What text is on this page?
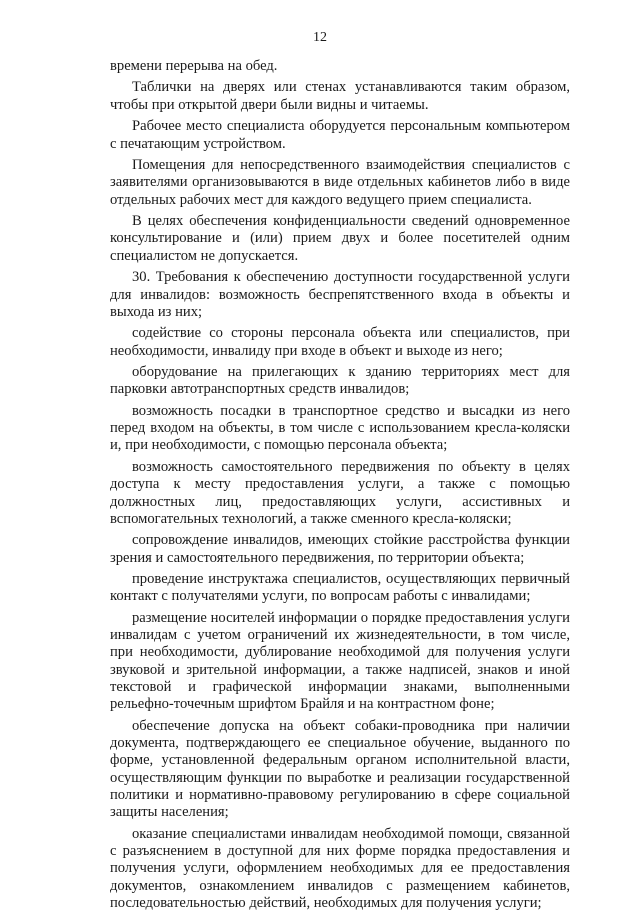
12

времени перерыва на обед.

Таблички на дверях или стенах устанавливаются таким образом, чтобы при открытой двери были видны и читаемы.

Рабочее место специалиста оборудуется персональным компьютером с печатающим устройством.

Помещения для непосредственного взаимодействия специалистов с заявителями организовываются в виде отдельных кабинетов либо в виде отдельных рабочих мест для каждого ведущего прием специалиста.

В целях обеспечения конфиденциальности сведений одновременное консультирование и (или) прием двух и более посетителей одним специалистом не допускается.

30. Требования к обеспечению доступности государственной услуги для инвалидов: возможность беспрепятственного входа в объекты и выхода из них;

содействие со стороны персонала объекта или специалистов, при необходимости, инвалиду при входе в объект и выходе из него;

оборудование на прилегающих к зданию территориях мест для парковки автотранспортных средств инвалидов;

возможность посадки в транспортное средство и высадки из него перед входом на объекты, в том числе с использованием кресла-коляски и, при необходимости, с помощью персонала объекта;

возможность самостоятельного передвижения по объекту в целях доступа к месту предоставления услуги, а также с помощью должностных лиц, предоставляющих услуги, ассистивных и вспомогательных технологий, а также сменного кресла-коляски;

сопровождение инвалидов, имеющих стойкие расстройства функции зрения и самостоятельного передвижения, по территории объекта;

проведение инструктажа специалистов, осуществляющих первичный контакт с получателями услуги, по вопросам работы с инвалидами;

размещение носителей информации о порядке предоставления услуги инвалидам с учетом ограничений их жизнедеятельности, в том числе, при необходимости, дублирование необходимой для получения услуги звуковой и зрительной информации, а также надписей, знаков и иной текстовой и графической информации знаками, выполненными рельефно-точечным шрифтом Брайля и на контрастном фоне;

обеспечение допуска на объект собаки-проводника при наличии документа, подтверждающего ее специальное обучение, выданного по форме, установленной федеральным органом исполнительной власти, осуществляющим функции по выработке и реализации государственной политики и нормативно-правовому регулированию в сфере социальной защиты населения;

оказание специалистами инвалидам необходимой помощи, связанной с разъяснением в доступной для них форме порядка предоставления и получения услуги, оформлением необходимых для ее предоставления документов, ознакомлением инвалидов с размещением кабинетов, последовательностью действий, необходимых для получения услуги;
